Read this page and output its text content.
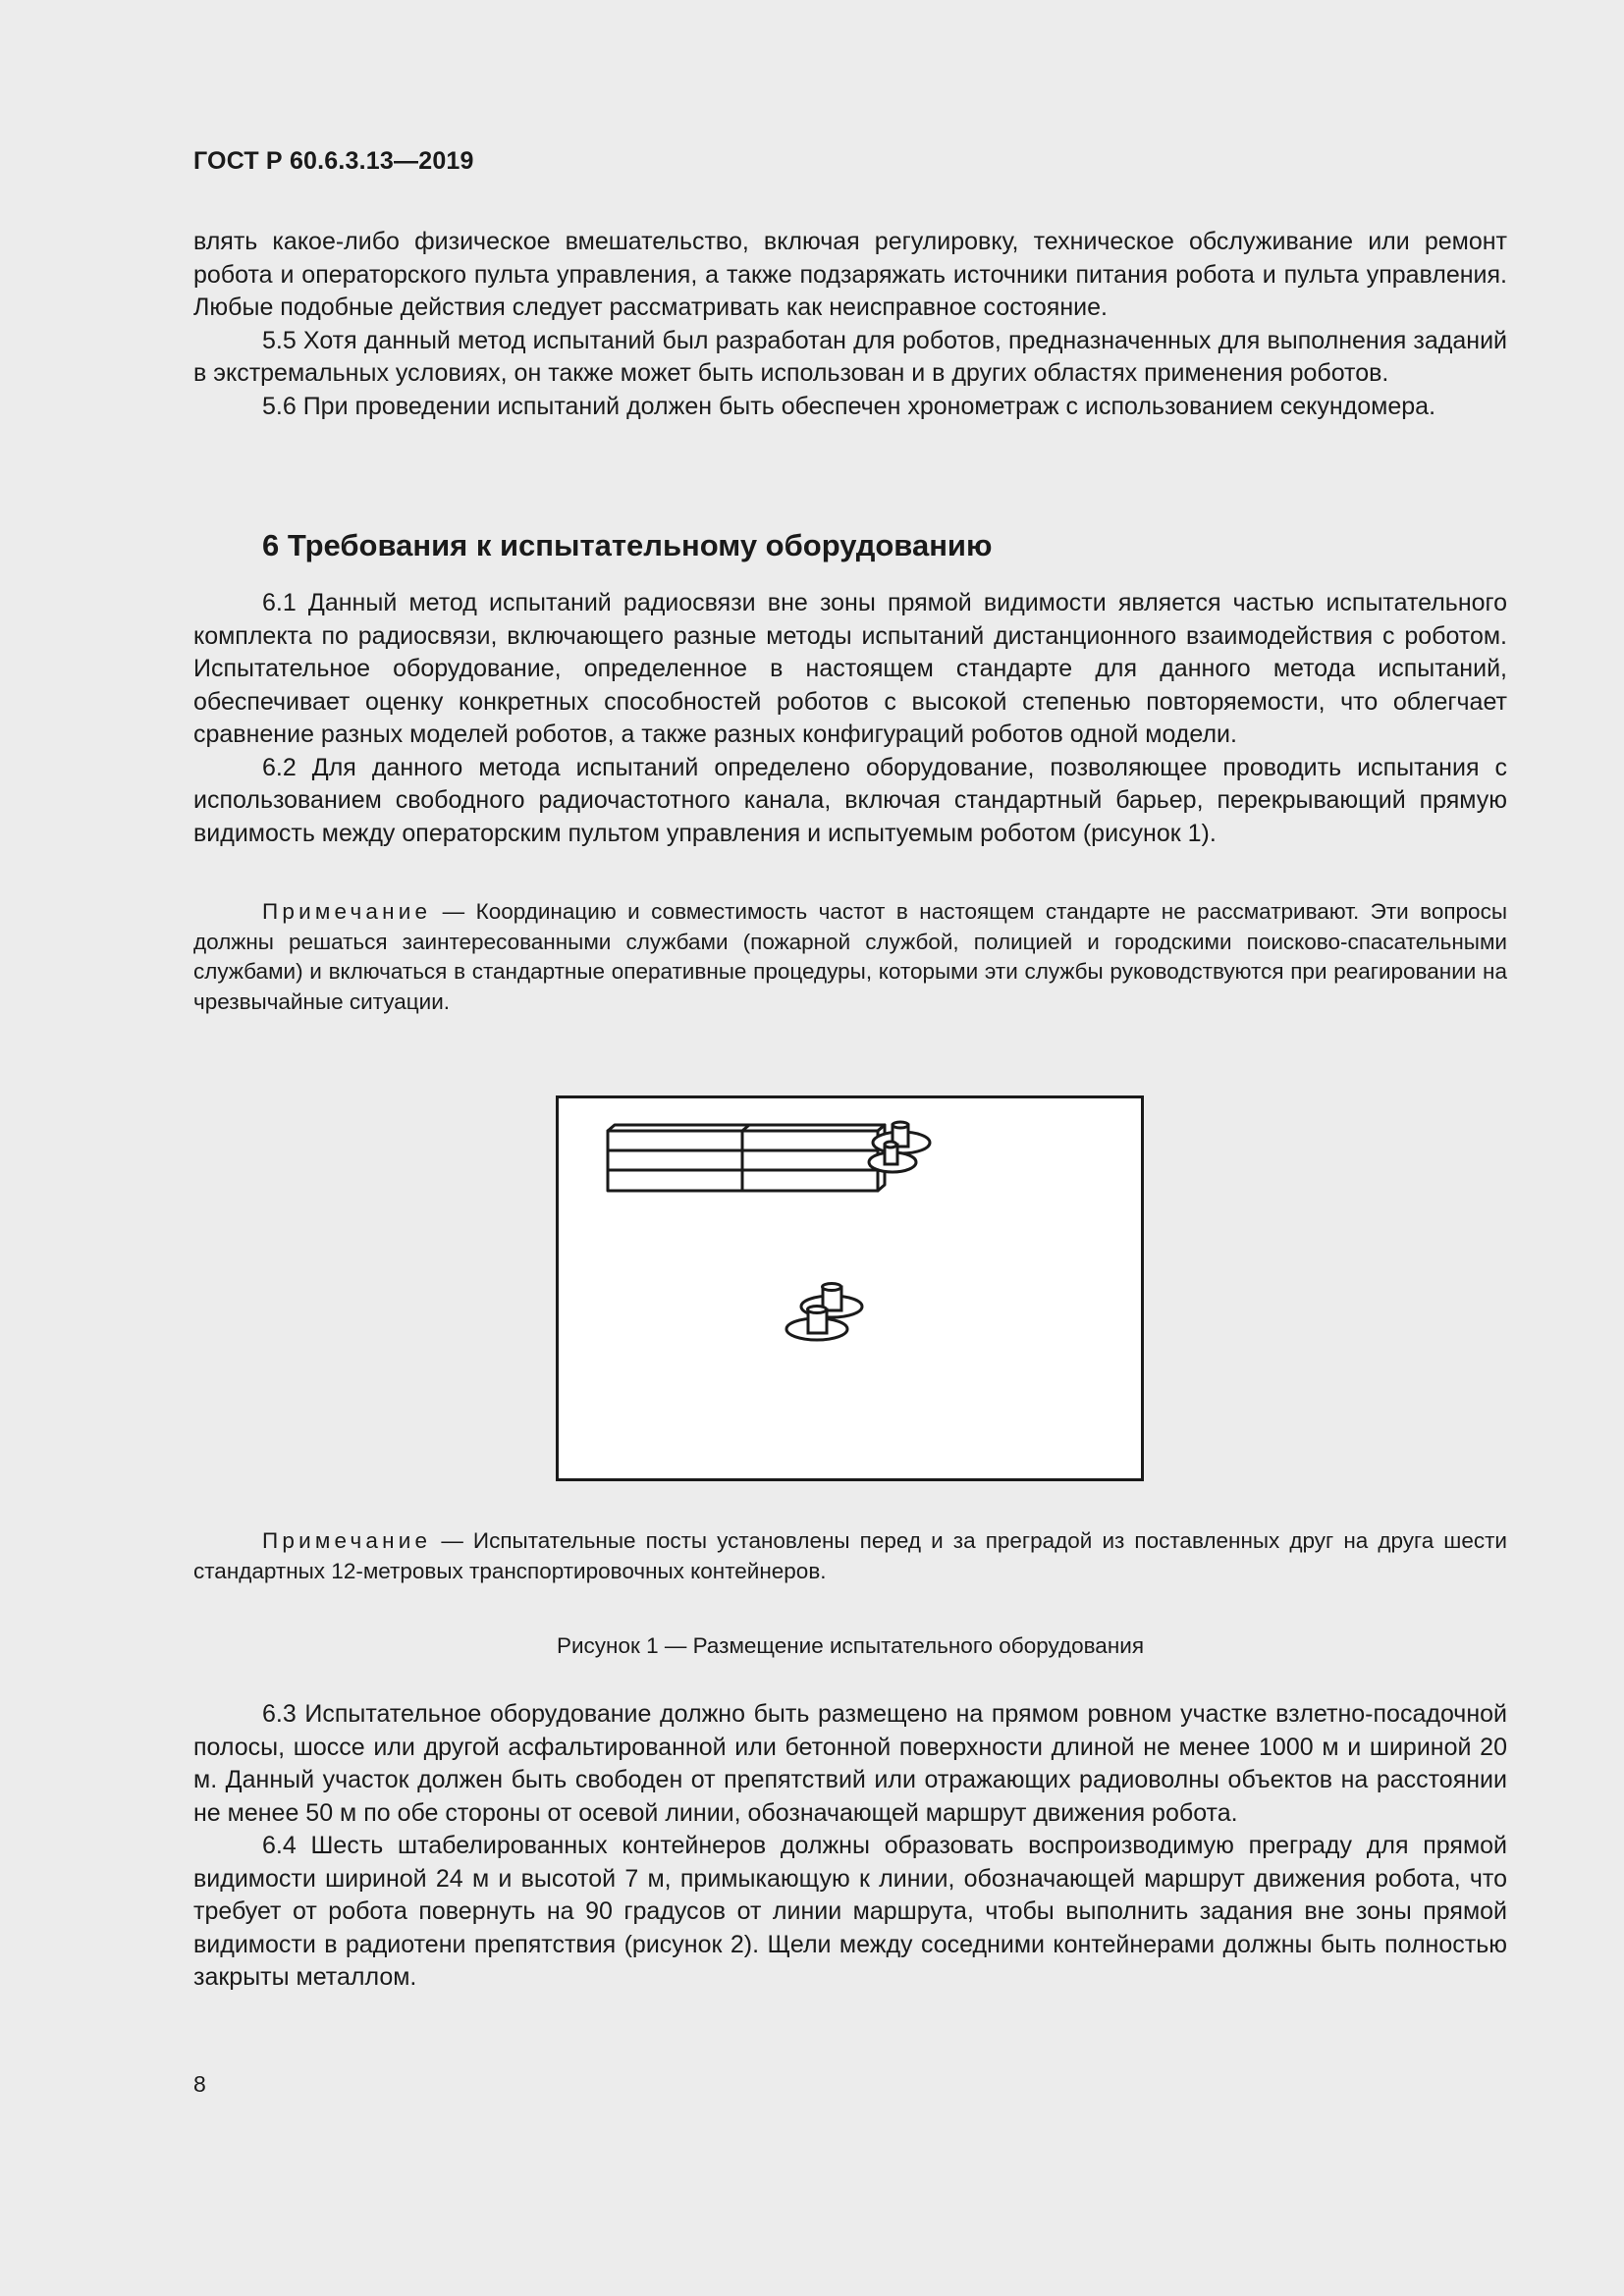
ГОСТ Р 60.6.3.13—2019

влять какое-либо физическое вмешательство, включая регулировку, техническое обслуживание или ремонт робота и операторского пульта управления, а также подзаряжать источники питания робота и пульта управления. Любые подобные действия следует рассматривать как неисправное состояние.

5.5 Хотя данный метод испытаний был разработан для роботов, предназначенных для выполнения заданий в экстремальных условиях, он также может быть использован и в других областях применения роботов.

5.6 При проведении испытаний должен быть обеспечен хронометраж с использованием секундомера.

6 Требования к испытательному оборудованию

6.1 Данный метод испытаний радиосвязи вне зоны прямой видимости является частью испытательного комплекта по радиосвязи, включающего разные методы испытаний дистанционного взаимодействия с роботом. Испытательное оборудование, определенное в настоящем стандарте для данного метода испытаний, обеспечивает оценку конкретных способностей роботов с высокой степенью повторяемости, что облегчает сравнение разных моделей роботов, а также разных конфигураций роботов одной модели.

6.2 Для данного метода испытаний определено оборудование, позволяющее проводить испытания с использованием свободного радиочастотного канала, включая стандартный барьер, перекрывающий прямую видимость между операторским пультом управления и испытуемым роботом (рисунок 1).

Примечание — Координацию и совместимость частот в настоящем стандарте не рассматривают. Эти вопросы должны решаться заинтересованными службами (пожарной службой, полицией и городскими поисково-спасательными службами) и включаться в стандартные оперативные процедуры, которыми эти службы руководствуются при реагировании на чрезвычайные ситуации.
Примечание — Испытательные посты установлены перед и за преградой из поставленных друг на друга шести стандартных 12-метровых транспортировочных контейнеров.
Рисунок 1 — Размещение испытательного оборудования

6.3 Испытательное оборудование должно быть размещено на прямом ровном участке взлетно-посадочной полосы, шоссе или другой асфальтированной или бетонной поверхности длиной не менее 1000 м и шириной 20 м. Данный участок должен быть свободен от препятствий или отражающих радиоволны объектов на расстоянии не менее 50 м по обе стороны от осевой линии, обозначающей маршрут движения робота.

6.4 Шесть штабелированных контейнеров должны образовать воспроизводимую преграду для прямой видимости шириной 24 м и высотой 7 м, примыкающую к линии, обозначающей маршрут движения робота, что требует от робота повернуть на 90 градусов от линии маршрута, чтобы выполнить задания вне зоны прямой видимости в радиотени препятствия (рисунок 2). Щели между соседними контейнерами должны быть полностью закрыты металлом.

8
